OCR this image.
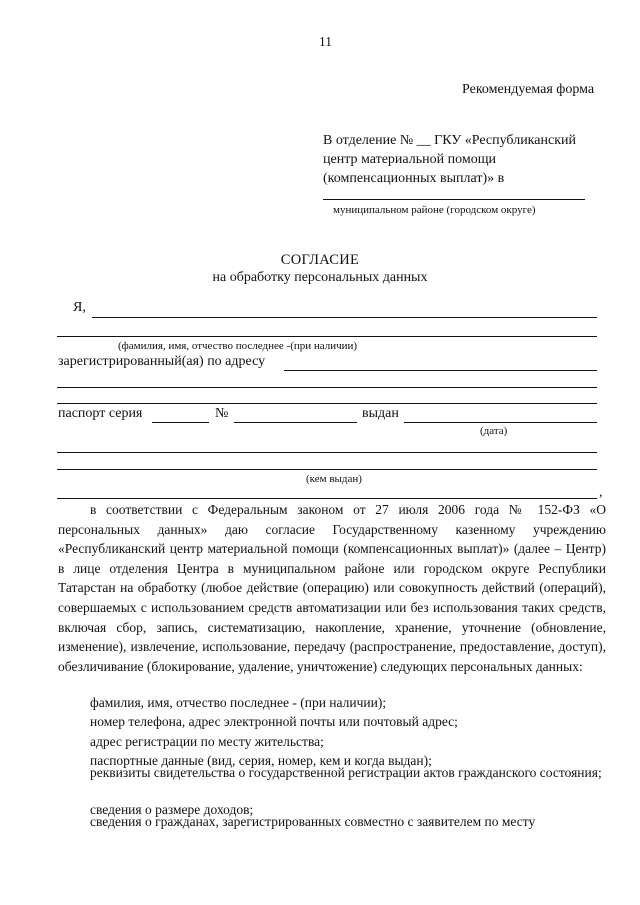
11
Рекомендуемая форма
В отделение № __ ГКУ «Республиканский
центр материальной помощи
(компенсационных выплат)» в
муниципальном районе (городском округе)
СОГЛАСИЕ
на обработку персональных данных
Я,
(фамилия, имя, отчество последнее -(при наличии)
зарегистрированный(ая) по адресу
паспорт серия	№	выдан
(дата)
(кем выдан)
,

в соответствии с Федеральным законом от 27 июля 2006 года № 152-ФЗ «О персональных данных» даю согласие Государственному казенному учреждению «Республиканский центр материальной помощи (компенсационных выплат)» (далее – Центр) в лице отделения Центра в муниципальном районе или городском округе Республики Татарстан на обработку (любое действие (операцию) или совокупность действий (операций), совершаемых с использованием средств автоматизации или без использования таких средств, включая сбор, запись, систематизацию, накопление, хранение, уточнение (обновление, изменение), извлечение, использование, передачу (распространение, предоставление, доступ), обезличивание (блокирование, удаление, уничтожение) следующих персональных данных:

фамилия, имя, отчество последнее - (при наличии);
номер телефона, адрес электронной почты или почтовый адрес;
адрес регистрации по месту жительства;
паспортные данные (вид, серия, номер, кем и когда выдан);

реквизиты свидетельства о государственной регистрации актов гражданского состояния;

сведения о размере доходов;

сведения о гражданах, зарегистрированных совместно с заявителем по месту
